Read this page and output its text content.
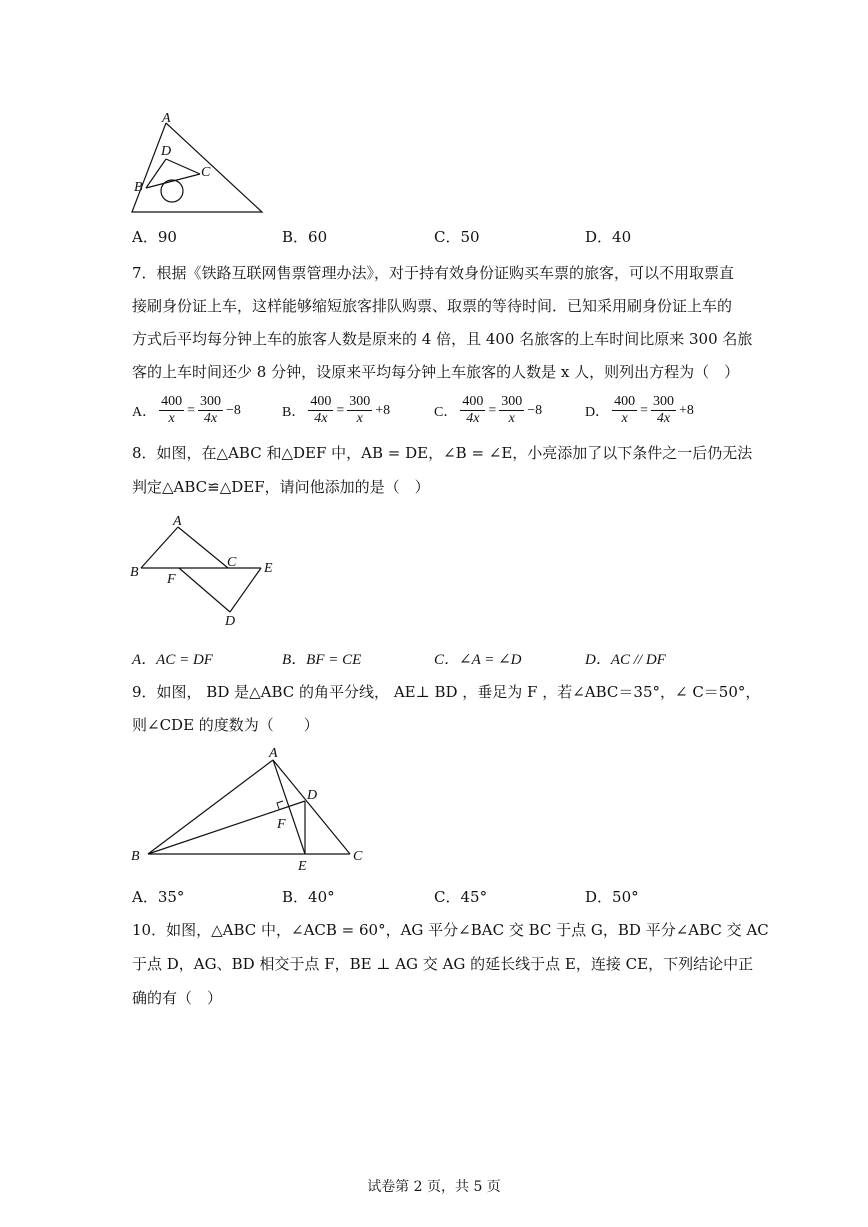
A
D
C
B
A．90	B．60	C．50	D．40
7．根据《铁路互联网售票管理办法》，对于持有效身份证购买车票的旅客，可以不用取票直
接刷身份证上车，这样能够缩短旅客排队购票、取票的等待时间．已知采用刷身份证上车的
方式后平均每分钟上车的旅客人数是原来的 4 倍，且 400 名旅客的上车时间比原来 300 名旅
客的上车时间还少 8 分钟，设原来平均每分钟上车旅客的人数是 x 人，则列出方程为（　）
A． $\frac{400}{x} = \frac{300}{4x} -8$	B． $\frac{400}{4x} = \frac{300}{x} +8$	C． $\frac{400}{4x} = \frac{300}{x} -8$	D． $\frac{400}{x} = \frac{300}{4x} +8$
8．如图，在△ABC 和△DEF 中，AB = DE，∠B = ∠E，小亮添加了以下条件之一后仍无法
判定△ABC≌△DEF，请问他添加的是（　）
A
B F
C E
D
A．AC = DF	B．BF = CE	C．∠A = ∠D	D．AC // DF
9．如图， BD 是△ABC 的角平分线， AE⊥ BD ，垂足为 F ，若∠ABC＝35°，∠ C＝50°，
则∠CDE 的度数为（　　）
A
D
F
B
E
C
A．35°	B．40°	C．45°	D．50°
10．如图，△ABC 中，∠ACB = 60°，AG 平分∠BAC 交 BC 于点 G，BD 平分∠ABC 交 AC
于点 D，AG、BD 相交于点 F，BE ⊥ AG 交 AG 的延长线于点 E，连接 CE，下列结论中正
确的有（　）
试卷第 2 页，共 5 页
